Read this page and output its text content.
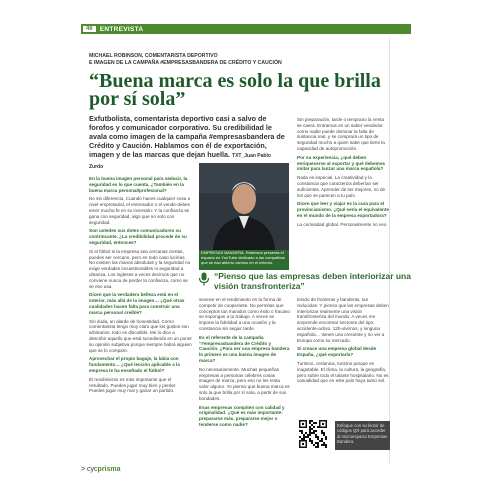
46	ENTREVISTA
MICHAEL ROBINSON, COMENTARISTA DEPORTIVO
E IMAGEN DE LA CAMPAÑA #EMPRESASBANDERA DE CRÉDITO Y CAUCIÓN
“Buena marca es solo la que brilla por sí sola”
Exfutbolista, comentarista deportivo casi a salvo de forofos y comunicador corporativo. Su credibilidad le avala como imagen de la campaña #empresasbandera de Crédito y Caución. Hablamos con él de exportación, imagen y de las marcas que dejan huella. TXT_Juan Pablo Zurdo

En la buena imagen personal para seducir, la seguridad es lo que cuenta. ¿También en la buena marca personal/profesional?

No sin diferencia. Cuando haces cualquier cosa a nivel empresarial, el entrenador o el vende-debes tener mucha fe en su inversión. Y la confianza se gana con seguridad, algo que no solo con seguridad.

Son ustedes sus dotes comunicadores su contrincante. ¿La credibilidad procede de su seguridad, entonces?

Si el fútbol si la empresa sea cercanas ciertas, puedes ser cercano, pero en todo caso lucirías. No existen las manos absolutas y la seguridad no exige verdades incuestionables ni seguridad a ultranza. Los ingleses a veces decimos que no conviene nunca de perder la confianza, como se se eso usa.

Dicen que la verdadera belleza está en el interior, más allá de la imagen… ¿Qué otras cualidades hacen falta para construir una marca personal creíble?

Sin duda, un alarde de honestidad. Como comentarista tengo muy claro que los gustos son arbitrarios, todo es discutible. Me lo dice a describir aquello que está sucediendo en un poner su opinión subjetiva porque siempre habrá alguien que se lo compare.

Aprovechar el propio bagaje, la labia con fundamento… ¿Qué lección aplicable a la empresa le ha enseñado el fútbol?

El rendimiento es más importante que el resultado. Puedes jugar muy bien y perder. Puedes jugar muy mal y ganar un partido.

EMPRESAS BANDERA. Robinson presenta el espacio en YouTube dedicado a las compañías que se han abierto camino en el exterior.
“Pienso que las empresas deben interiorizar una visión transfronteriza”

severar en el rendimiento en la forma de competir de cooperante. No permitas que conceptos tan manidos como éxito o fracaso se impongan a tu trabajo. A veces se impone la fidelidad a una ocasión y la constancia sin seguir tarde.

Es el referente de la campaña “#empresasbandera de Crédito y Caución. ¿Para ser una empresa bandera lo primero es una buena imagen de marca?

No necesariamente. Muchas pequeñas empresas a personas célebres cosas imagen de marca, pero eso no les resta valor alguno. Yo pienso que buena marca es solo la que brilla por sí sola, a partir de sus bondades.

Esas empresas compiten con calidad y originalidad. ¿Qué es más importante: prepararse más, prepararse mejor o tenderse como nadie?

Sin preparación, tarde o temprano la venta se caerá. Entramos en un saber vendedor como nadie puede dominar la falta de sustancia real, y se comprará un tipo de seguridad mucho a quien sabe que tiene la capacidad de autopromoción.

Por su experiencia, ¿qué deben enriquecerse al exportar y qué debemos imitar para lanzar una marca española?

Nada es especial. La creatividad y la constancia que caracteriza deberían ser suficientes. Aprender de los mejores, no de los que se parecen a tu país.

Dicen que leer y viajar es la cura para el provincianismo. ¿Qué sería el equivalente en el mundo de la empresa exportadora?

La curiosidad global. Personalmente no veo

tenido de fronteras y banderas, tan reducidas. Y pienso que las empresas deben interiorizar realmente una visión transfronteriza del mundo. A veces me sorprende encontrar sectores del tipo: accidente-activo, 12h-vivirnos, y ninguna española… tienen una creciente y no ver a Europa como su mercado.

Si creace una empresa global desde España, ¿qué exportaría?

Turismo, cerámica, turismo porque es inagotable. El clima, la cultura, la geografía, pero sobre todo el talante hospitalario. No es casualidad que en este país haya tanto sol.

Enfoque con su lector de códigos QR para acceder al microespacio Empresas Bandera.
> cycprisma
